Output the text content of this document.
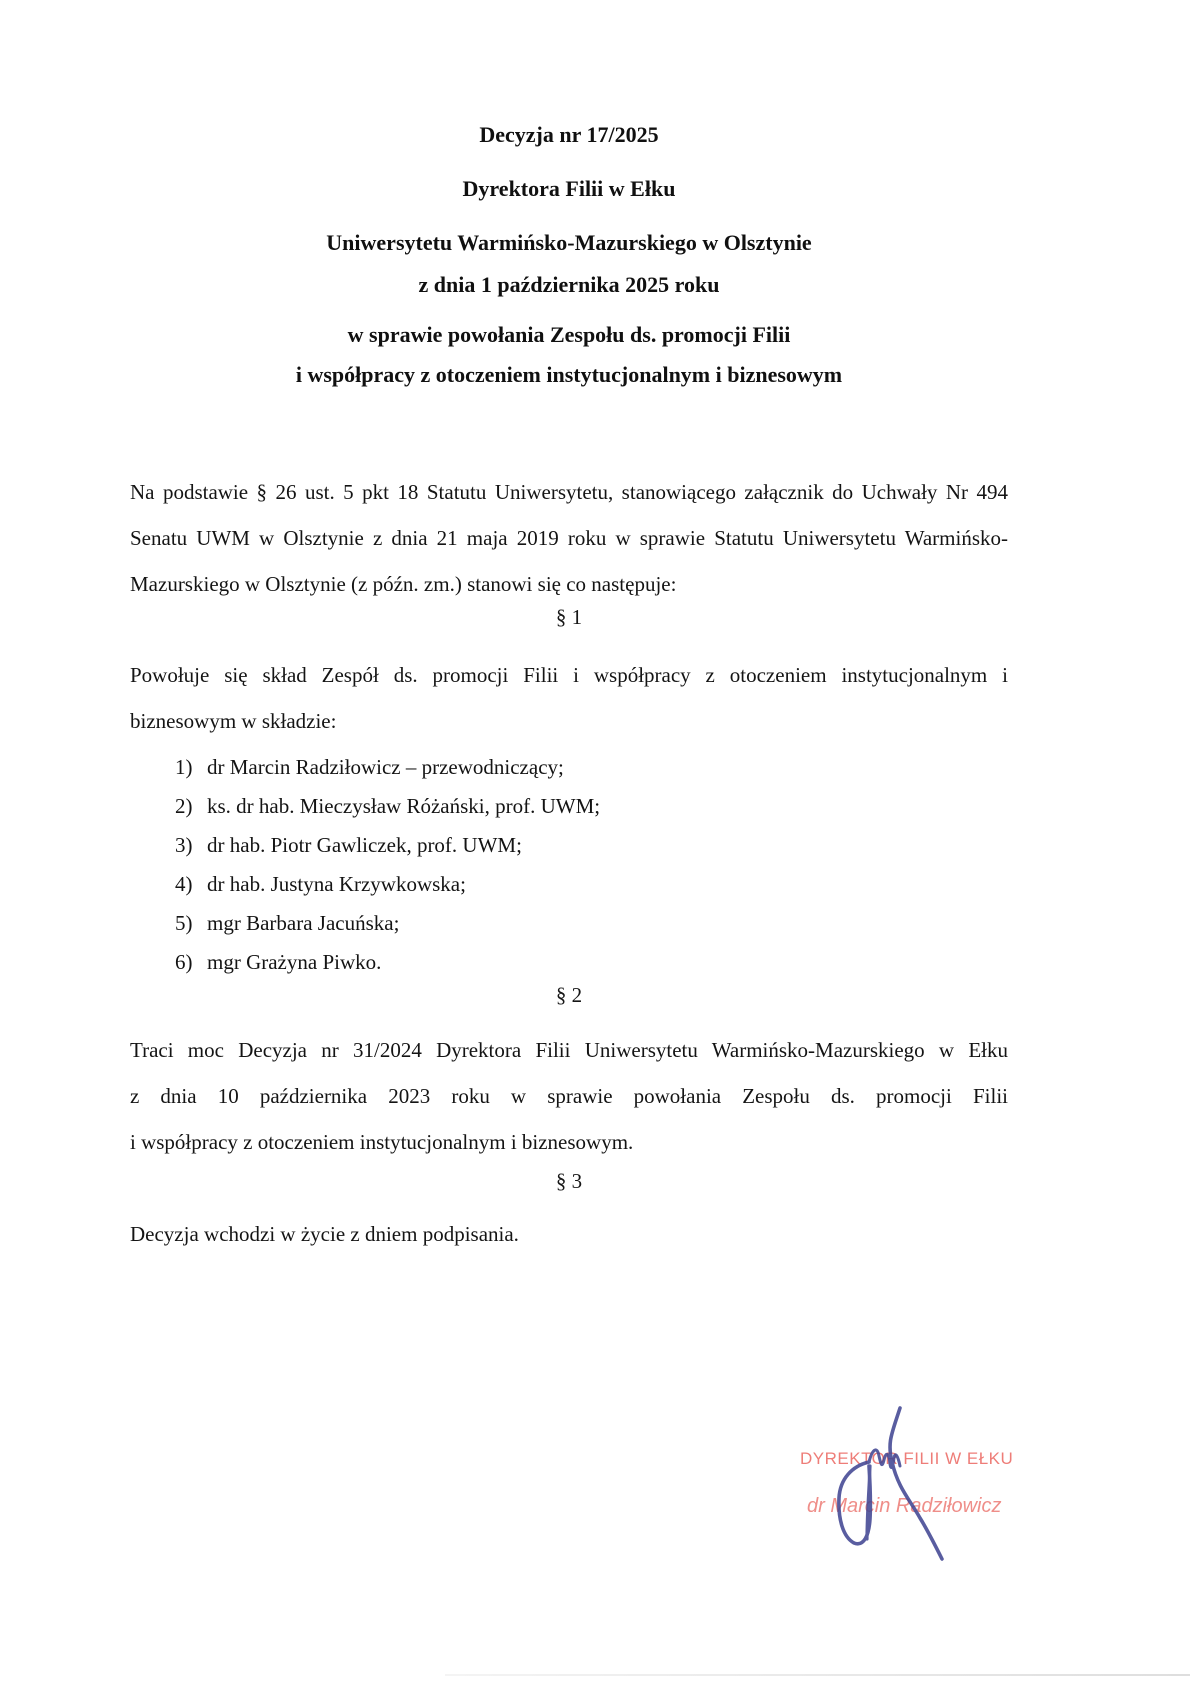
Decyzja nr 17/2025
Dyrektora Filii w Ełku
Uniwersytetu Warmińsko-Mazurskiego w Olsztynie
z dnia 1 października 2025 roku
w sprawie powołania Zespołu ds. promocji Filii
i współpracy z otoczeniem instytucjonalnym i biznesowym
Na podstawie § 26 ust. 5 pkt 18 Statutu Uniwersytetu, stanowiącego załącznik do Uchwały Nr 494
Senatu UWM w Olsztynie z dnia 21 maja 2019 roku w sprawie Statutu Uniwersytetu Warmińsko-
Mazurskiego w Olsztynie (z późn. zm.) stanowi się co następuje:
§ 1
Powołuje się skład Zespół ds. promocji Filii i współpracy z otoczeniem instytucjonalnym i
biznesowym w składzie:
1) dr Marcin Radziłowicz – przewodniczący;
2) ks. dr hab. Mieczysław Różański, prof. UWM;
3) dr hab. Piotr Gawliczek, prof. UWM;
4) dr hab. Justyna Krzywkowska;
5) mgr Barbara Jacuńska;
6) mgr Grażyna Piwko.
§ 2
Traci moc Decyzja nr 31/2024 Dyrektora Filii Uniwersytetu Warmińsko-Mazurskiego w Ełku
z dnia 10 października 2023 roku w sprawie powołania Zespołu ds. promocji Filii
i współpracy z otoczeniem instytucjonalnym i biznesowym.
§ 3
Decyzja wchodzi w życie z dniem podpisania.
DYREKTOR FILII W EŁKU
dr Marcin Radziłowicz
